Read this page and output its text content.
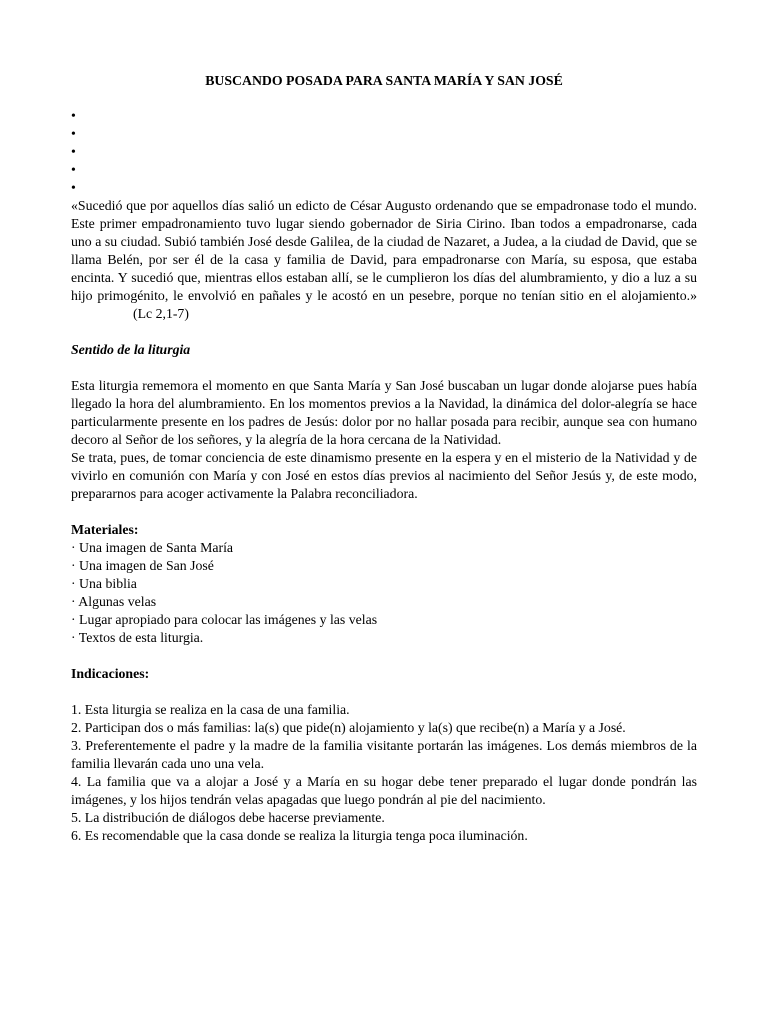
BUSCANDO POSADA PARA SANTA MARÍA Y SAN JOSÉ
•
•
•
•
•

«Sucedió que por aquellos días salió un edicto de César Augusto ordenando que se empadronase todo el mundo. Este primer empadronamiento tuvo lugar siendo gobernador de Siria Cirino. Iban todos a empadronarse, cada uno a su ciudad. Subió también José desde Galilea, de la ciudad de Nazaret, a Judea, a la ciudad de David, que se llama Belén, por ser él de la casa y familia de David, para empadronarse con María, su esposa, que estaba encinta. Y sucedió que, mientras ellos estaban allí, se le cumplieron los días del alumbramiento, y dio a luz a su hijo primogénito, le envolvió en pañales y le acostó en un pesebre, porque no tenían sitio en el alojamiento.»(Lc 2,1-7)

Sentido de la liturgia

Esta liturgia rememora el momento en que Santa María y San José buscaban un lugar donde alojarse pues había llegado la hora del alumbramiento. En los momentos previos a la Navidad, la dinámica del dolor-alegría se hace particularmente presente en los padres de Jesús: dolor por no hallar posada para recibir, aunque sea con humano decoro al Señor de los señores, y la alegría de la hora cercana de la Natividad.

Se trata, pues, de tomar conciencia de este dinamismo presente en la espera y en el misterio de la Natividad y de vivirlo en comunión con María y con José en estos días previos al nacimiento del Señor Jesús y, de este modo, prepararnos para acoger activamente la Palabra reconciliadora.

Materiales:

· Una imagen de Santa María
· Una imagen de San José
· Una biblia
· Algunas velas
· Lugar apropiado para colocar las imágenes y las velas
· Textos de esta liturgia.

Indicaciones:

1. Esta liturgia se realiza en la casa de una familia.

2. Participan dos o más familias: la(s) que pide(n) alojamiento y la(s) que recibe(n) a María y a José.

3. Preferentemente el padre y la madre de la familia visitante portarán las imágenes. Los demás miembros de la familia llevarán cada uno una vela.

4. La familia que va a alojar a José y a María en su hogar debe tener preparado el lugar donde pondrán las imágenes, y los hijos tendrán velas apagadas que luego pondrán al pie del nacimiento.

5. La distribución de diálogos debe hacerse previamente.

6. Es recomendable que la casa donde se realiza la liturgia tenga poca iluminación.
